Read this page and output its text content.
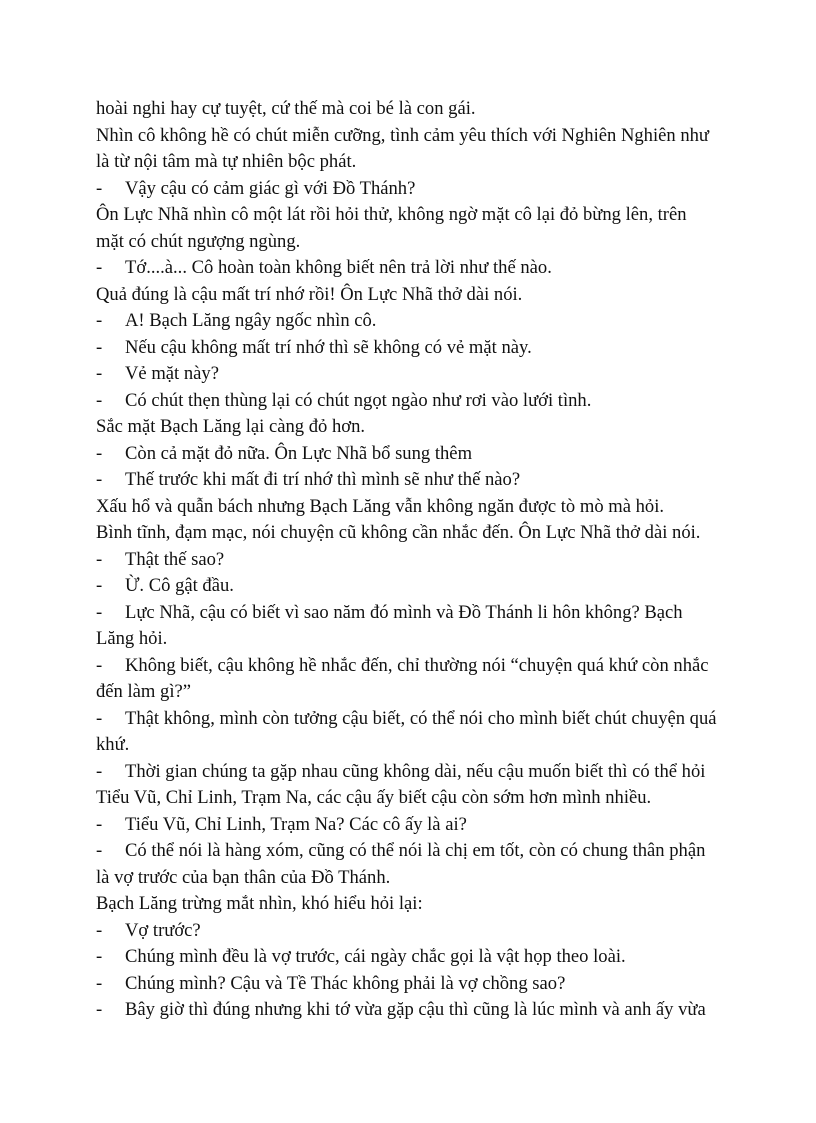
hoài nghi hay cự tuyệt, cứ thế mà coi bé là con gái.
Nhìn cô không hề có chút miễn cưỡng, tình cảm yêu thích với Nghiên Nghiên như
là từ nội tâm mà tự nhiên bộc phát.
- Vậy cậu có cảm giác gì với Đồ Thánh?
Ôn Lực Nhã nhìn cô một lát rồi hỏi thử, không ngờ mặt cô lại đỏ bừng lên, trên
mặt có chút ngượng ngùng.
- Tớ....à... Cô hoàn toàn không biết nên trả lời như thế nào.
Quả đúng là cậu mất trí nhớ rồi! Ôn Lực Nhã thở dài nói.
- A! Bạch Lăng ngây ngốc nhìn cô.
- Nếu cậu không mất trí nhớ thì sẽ không có vẻ mặt này.
- Vẻ mặt này?
- Có chút thẹn thùng lại có chút ngọt ngào như rơi vào lưới tình.
Sắc mặt Bạch Lăng lại càng đỏ hơn.
- Còn cả mặt đỏ nữa. Ôn Lực Nhã bổ sung thêm
- Thế trước khi mất đi trí nhớ thì mình sẽ như thế nào?
Xấu hổ và quẫn bách nhưng Bạch Lăng vẫn không ngăn được tò mò mà hỏi.
Bình tĩnh, đạm mạc, nói chuyện cũ không cần nhắc đến. Ôn Lực Nhã thở dài nói.
- Thật thế sao?
- Ừ. Cô gật đầu.
- Lực Nhã, cậu có biết vì sao năm đó mình và Đồ Thánh li hôn không? Bạch
Lăng hỏi.
- Không biết, cậu không hề nhắc đến, chỉ thường nói “chuyện quá khứ còn nhắc
đến làm gì?”
- Thật không, mình còn tưởng cậu biết, có thể nói cho mình biết chút chuyện quá
khứ.
- Thời gian chúng ta gặp nhau cũng không dài, nếu cậu muốn biết thì có thể hỏi
Tiểu Vũ, Chỉ Linh, Trạm Na, các cậu ấy biết cậu còn sớm hơn mình nhiều.
- Tiểu Vũ, Chỉ Linh, Trạm Na? Các cô ấy là ai?
- Có thể nói là hàng xóm, cũng có thể nói là chị em tốt, còn có chung thân phận
là vợ trước của bạn thân của Đồ Thánh.
Bạch Lăng trừng mắt nhìn, khó hiểu hỏi lại:
- Vợ trước?
- Chúng mình đều là vợ trước, cái ngày chắc gọi là vật họp theo loài.
- Chúng mình? Cậu và Tề Thác không phải là vợ chồng sao?
- Bây giờ thì đúng nhưng khi tớ vừa gặp cậu thì cũng là lúc mình và anh ấy vừa
